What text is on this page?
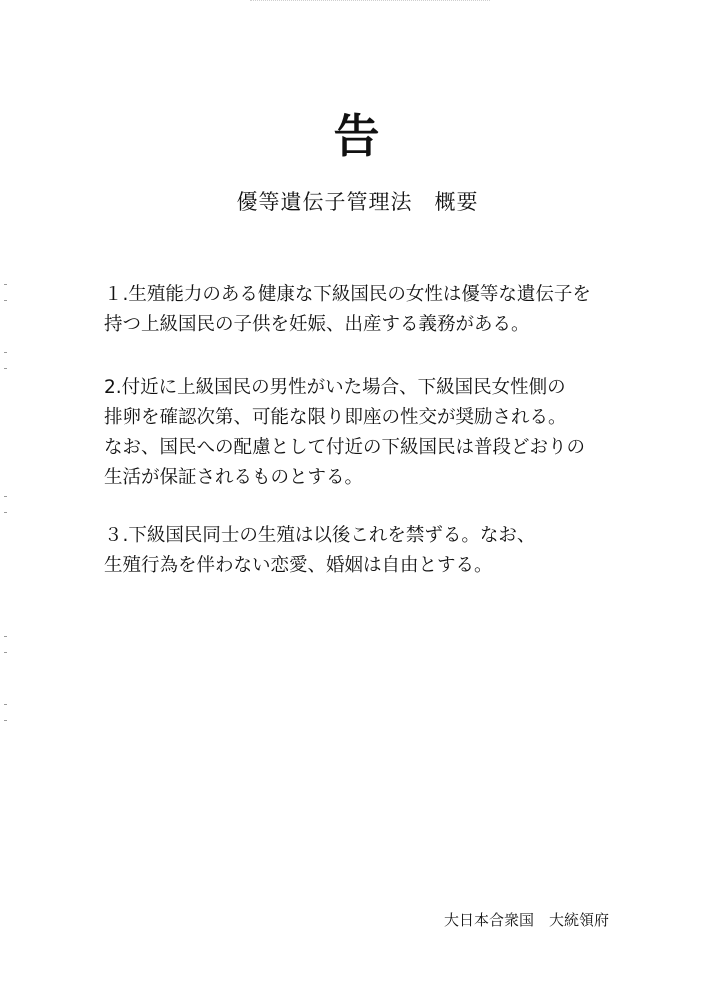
告
優等遺伝子管理法　概要
１.生殖能力のある健康な下級国民の女性は優等な遺伝子を
持つ上級国民の子供を妊娠、出産する義務がある。
2.付近に上級国民の男性がいた場合、下級国民女性側の
排卵を確認次第、可能な限り即座の性交が奨励される。
なお、国民への配慮として付近の下級国民は普段どおりの
生活が保証されるものとする。
３.下級国民同士の生殖は以後これを禁ずる。なお、
生殖行為を伴わない恋愛、婚姻は自由とする。
大日本合衆国　大統領府
